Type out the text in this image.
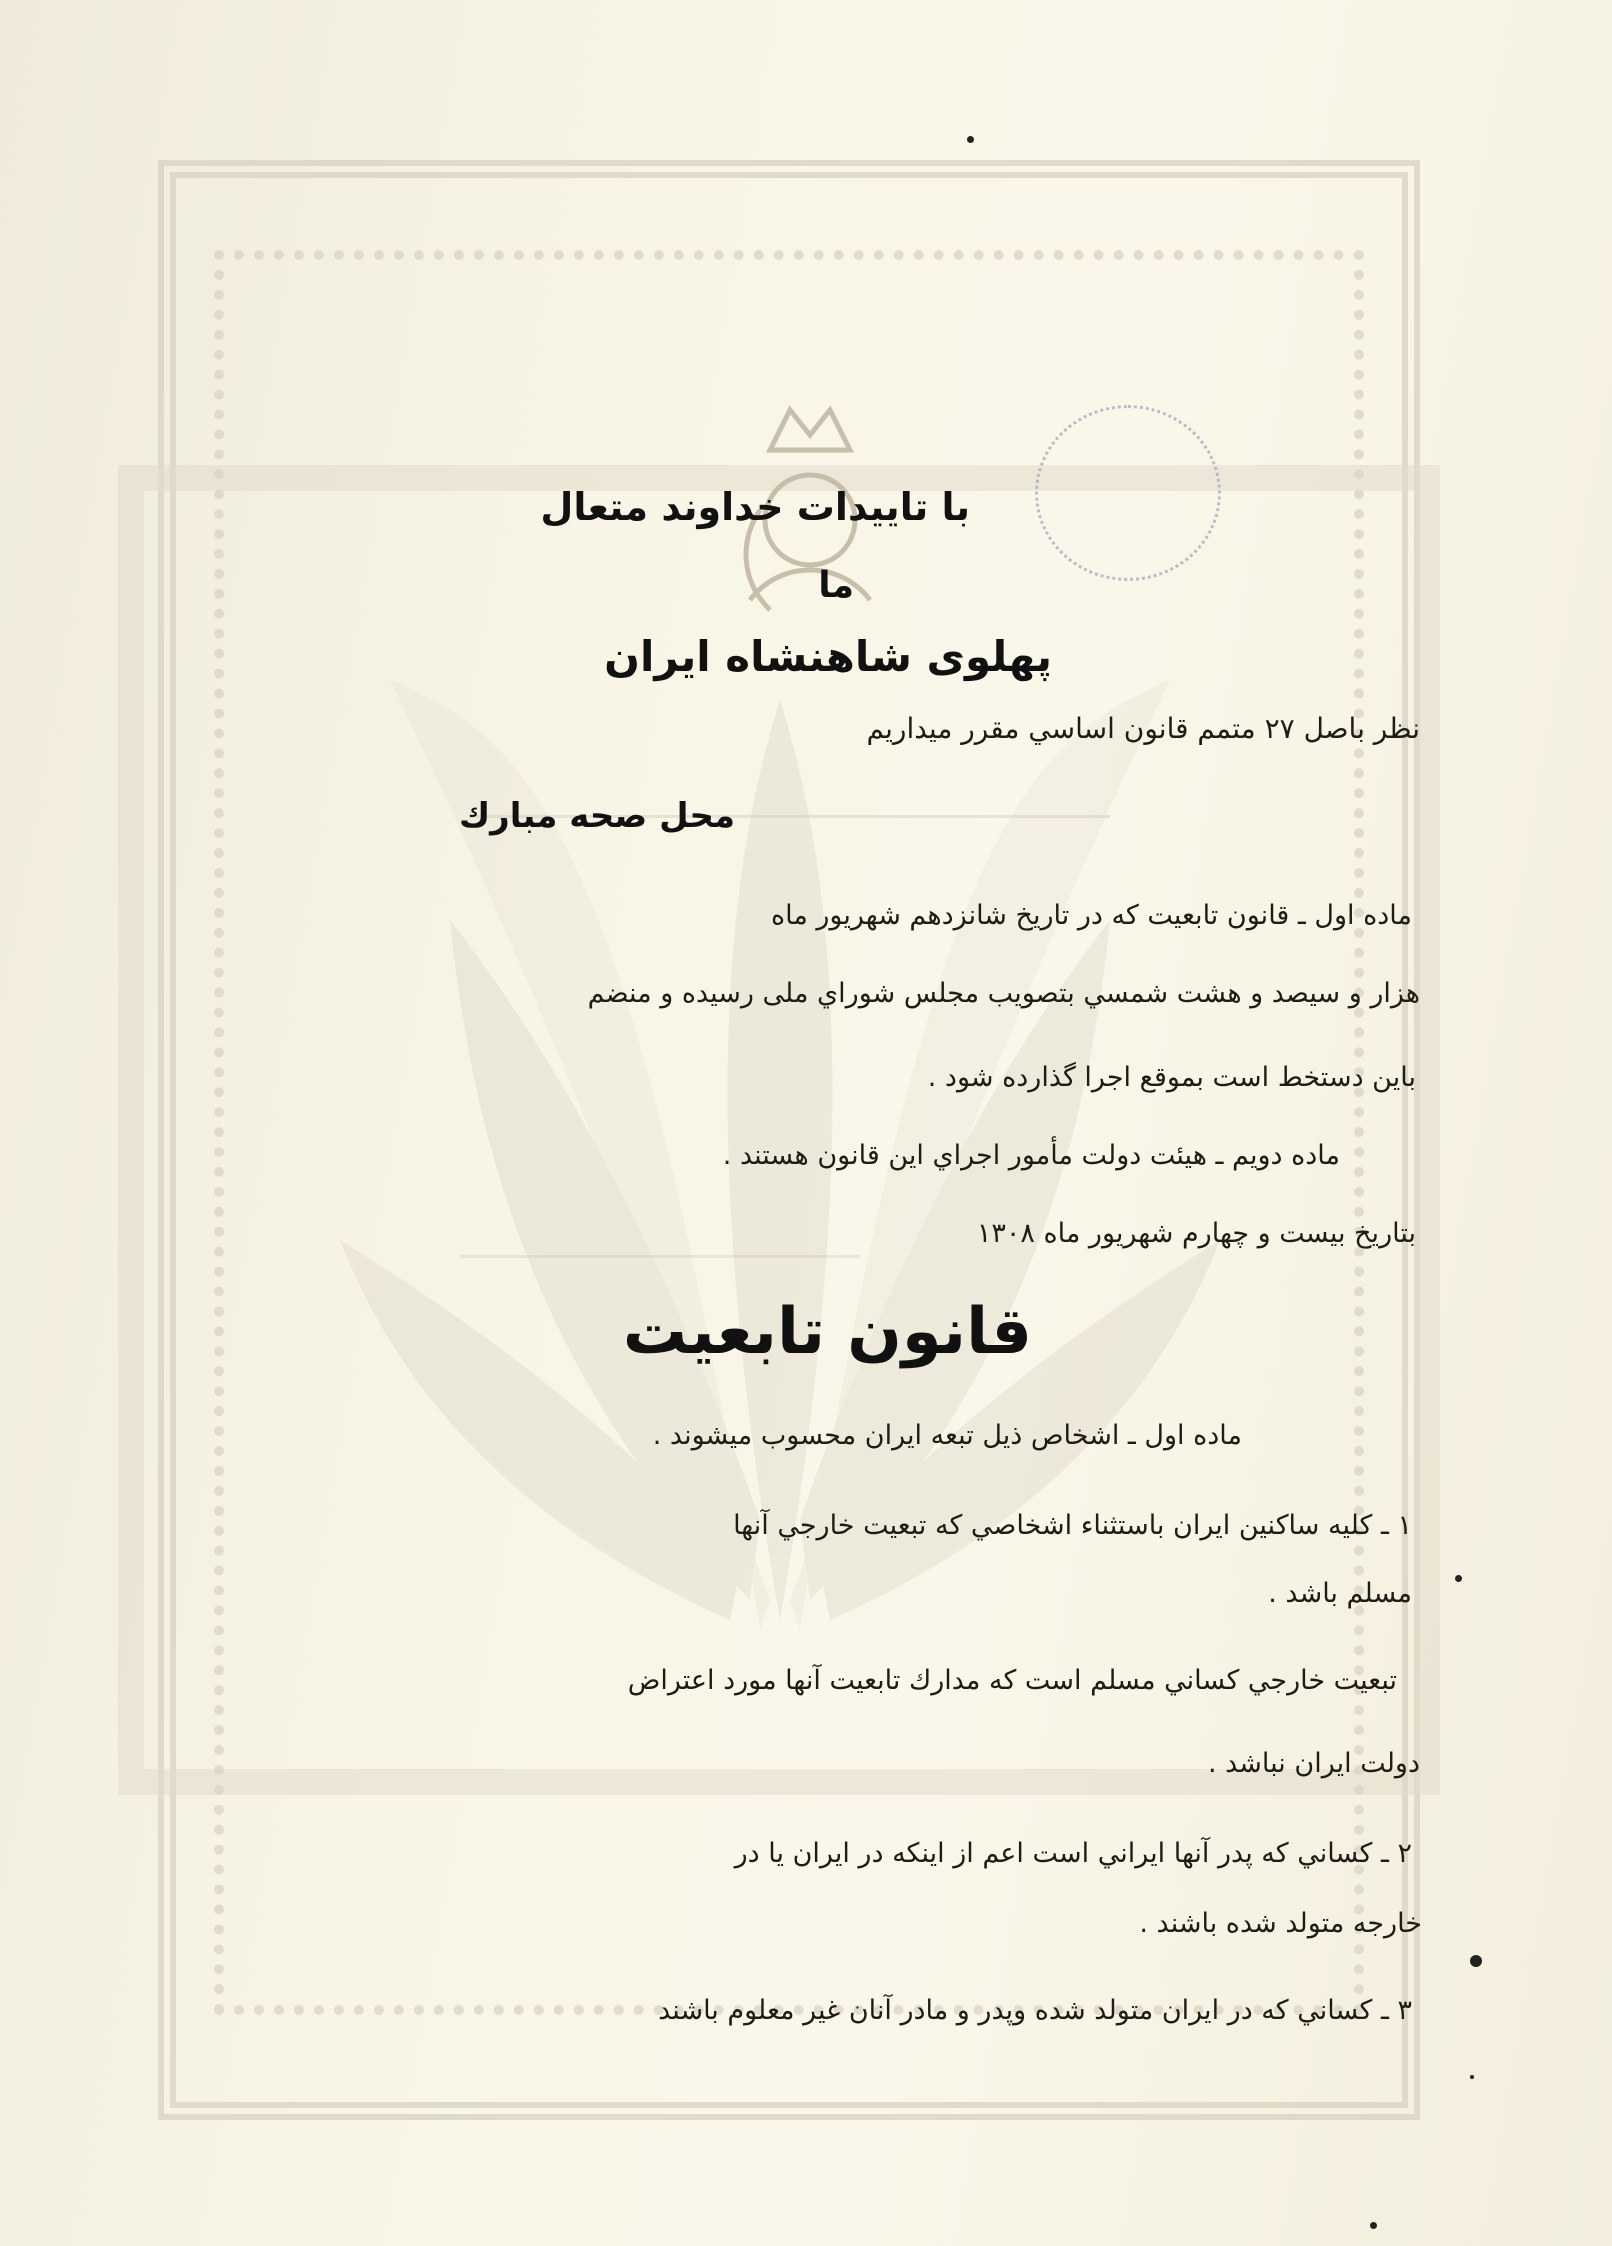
با تاييدات خداوند متعال
ما
پهلوی شاهنشاه ايران
نظر باصل ۲۷ متمم قانون اساسي مقرر ميداريم
محل صحه مبارك
ماده اول ـ قانون تابعيت كه در تاريخ شانزدهم شهريور ماه
هزار و سيصد و هشت شمسي بتصويب مجلس شوراي ملی رسيده و منضم
باين دستخط است بموقع اجرا گذارده شود .
ماده دويم ـ هيئت دولت مأمور اجراي اين قانون هستند .
بتاريخ بيست و چهارم شهريور ماه ۱۳۰۸
قانون تابعيت
ماده اول ـ اشخاص ذيل تبعه ايران محسوب ميشوند .
۱ ـ كليه ساكنين ايران باستثناء اشخاصي كه تبعيت خارجي آنها
مسلم باشد .
تبعيت خارجي كساني مسلم است كه مدارك تابعيت آنها مورد اعتراض
دولت ايران نباشد .
۲ ـ كساني كه پدر آنها ايراني است اعم از اينكه در ايران يا در
خارجه متولد شده باشند .
۳ ـ كساني كه در ايران متولد شده وپدر و مادر آنان غير معلوم باشند
